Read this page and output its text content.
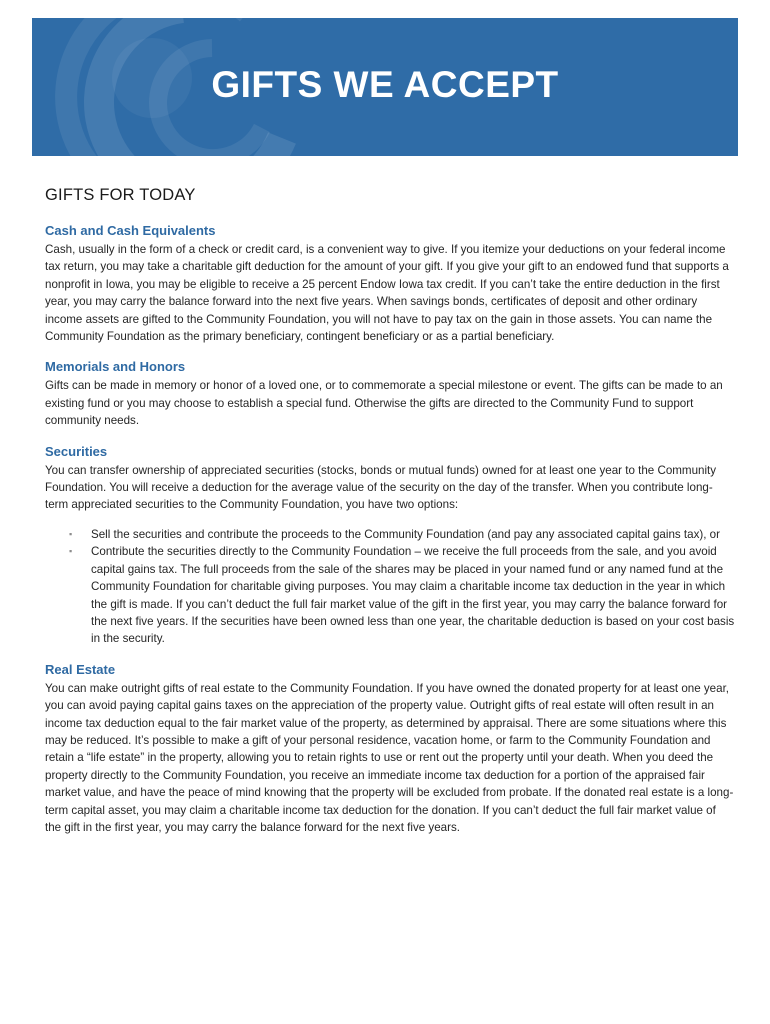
GIFTS WE ACCEPT
GIFTS FOR TODAY
Cash and Cash Equivalents

Cash, usually in the form of a check or credit card, is a convenient way to give. If you itemize your deductions on your federal income tax return, you may take a charitable gift deduction for the amount of your gift. If you give your gift to an endowed fund that supports a nonprofit in Iowa, you may be eligible to receive a 25 percent Endow Iowa tax credit. If you can’t take the entire deduction in the first year, you may carry the balance forward into the next five years. When savings bonds, certificates of deposit and other ordinary income assets are gifted to the Community Foundation, you will not have to pay tax on the gain in those assets. You can name the Community Foundation as the primary beneficiary, contingent beneficiary or as a partial beneficiary.

Memorials and Honors

Gifts can be made in memory or honor of a loved one, or to commemorate a special milestone or event. The gifts can be made to an existing fund or you may choose to establish a special fund. Otherwise the gifts are directed to the Community Fund to support community needs.

Securities

You can transfer ownership of appreciated securities (stocks, bonds or mutual funds) owned for at least one year to the Community Foundation. You will receive a deduction for the average value of the security on the day of the transfer. When you contribute long-term appreciated securities to the Community Foundation, you have two options:

▪ Sell the securities and contribute the proceeds to the Community Foundation (and pay any associated capital gains tax), or
▪ Contribute the securities directly to the Community Foundation – we receive the full proceeds from the sale, and you avoid capital gains tax. The full proceeds from the sale of the shares may be placed in your named fund or any named fund at the Community Foundation for charitable giving purposes. You may claim a charitable income tax deduction in the year in which the gift is made. If you can’t deduct the full fair market value of the gift in the first year, you may carry the balance forward for the next five years. If the securities have been owned less than one year, the charitable deduction is based on your cost basis in the security.
Real Estate

You can make outright gifts of real estate to the Community Foundation. If you have owned the donated property for at least one year, you can avoid paying capital gains taxes on the appreciation of the property value. Outright gifts of real estate will often result in an income tax deduction equal to the fair market value of the property, as determined by appraisal. There are some situations where this may be reduced. It’s possible to make a gift of your personal residence, vacation home, or farm to the Community Foundation and retain a “life estate” in the property, allowing you to retain rights to use or rent out the property until your death. When you deed the property directly to the Community Foundation, you receive an immediate income tax deduction for a portion of the appraised fair market value, and have the peace of mind knowing that the property will be excluded from probate. If the donated real estate is a long-term capital asset, you may claim a charitable income tax deduction for the donation. If you can’t deduct the full fair market value of the gift in the first year, you may carry the balance forward for the next five years.
